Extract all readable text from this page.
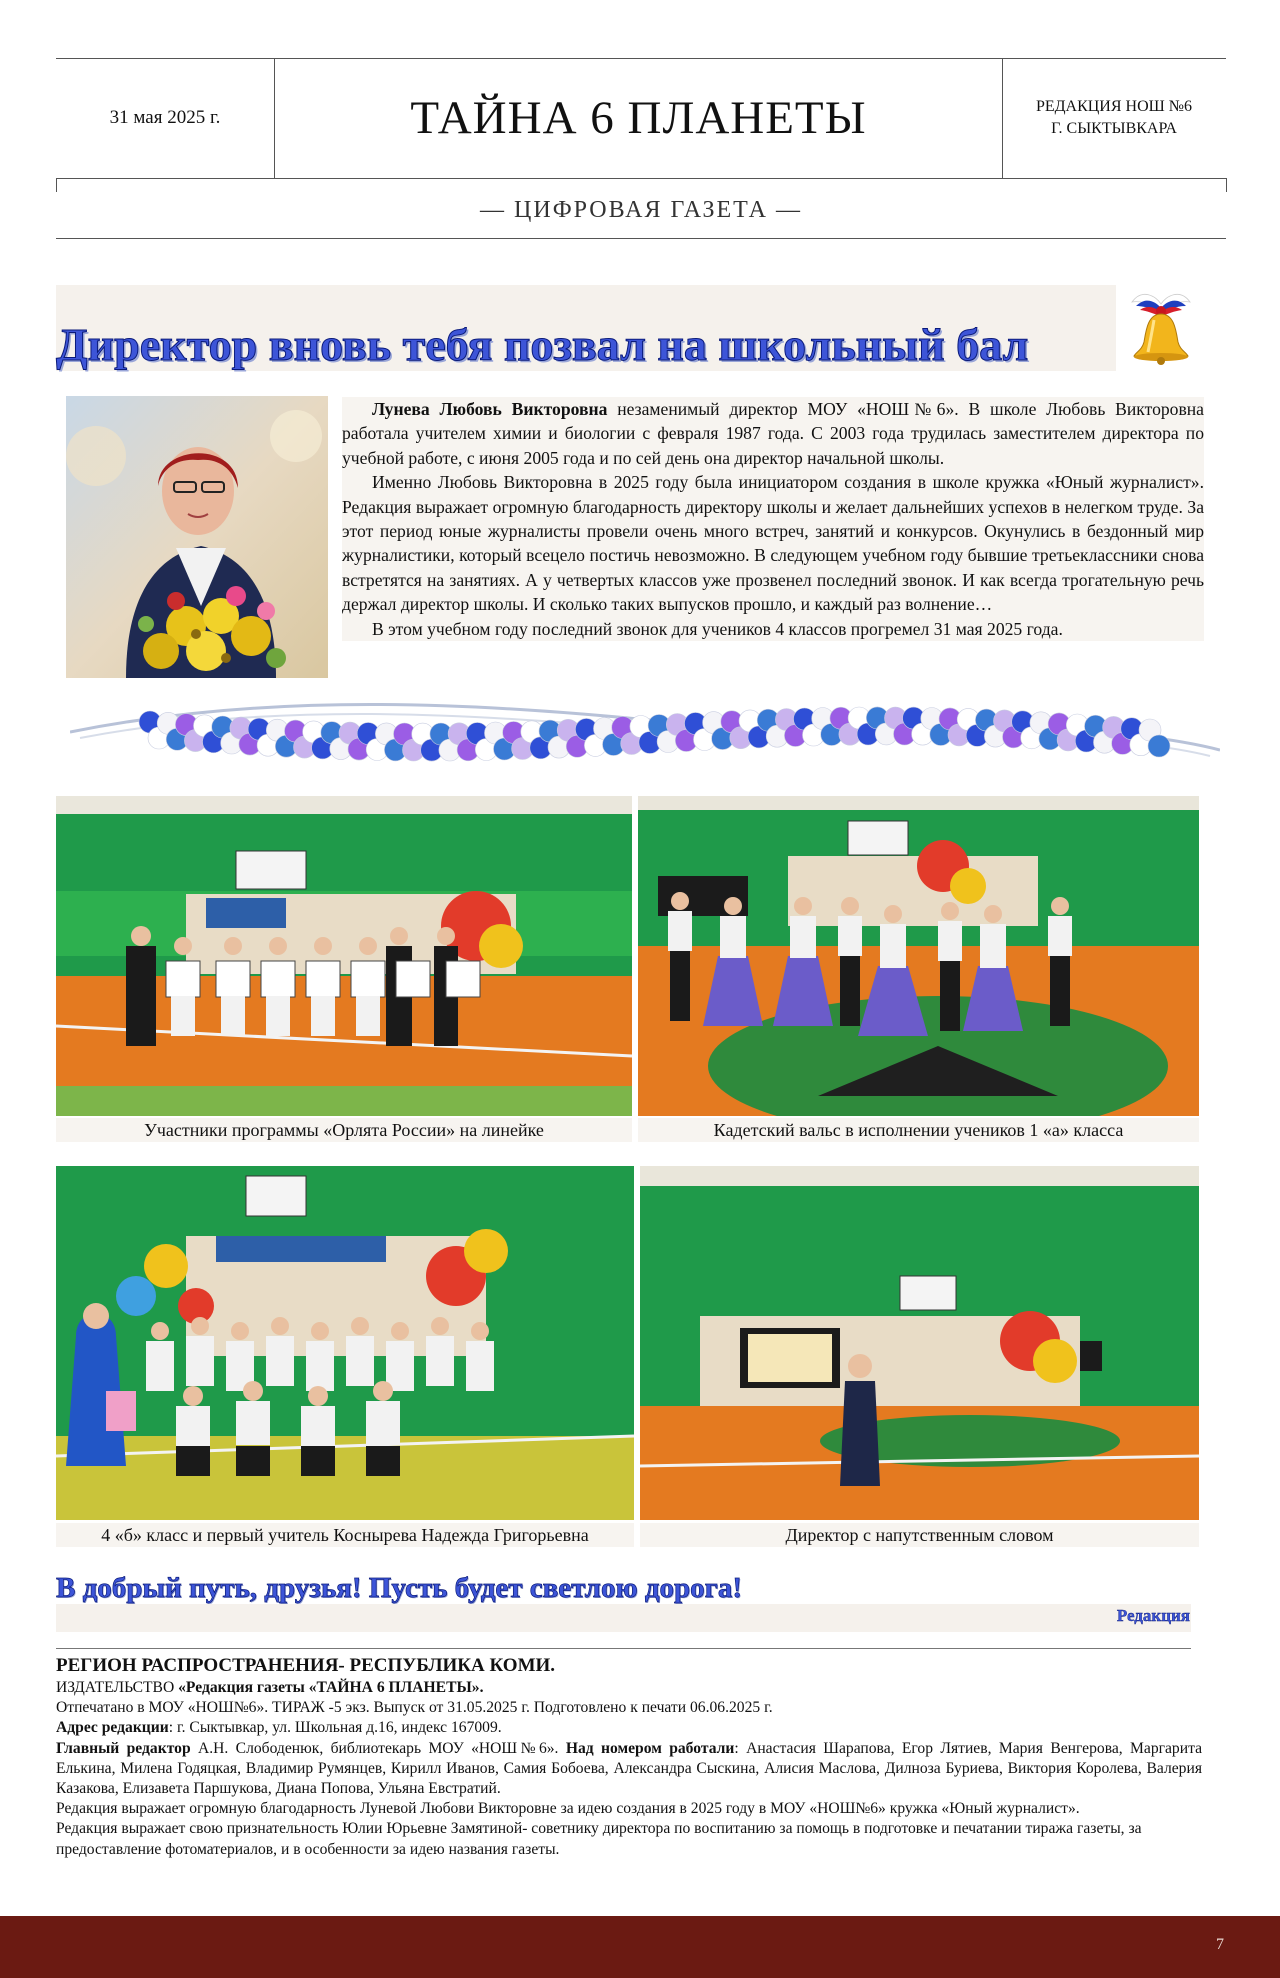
31 мая 2025 г.	ТАЙНА 6 ПЛАНЕТЫ	РЕДАКЦИЯ НОШ №6
Г. СЫКТЫВКАРА
— ЦИФРОВАЯ ГАЗЕТА —
Директор вновь тебя позвал на школьный бал

Лунева Любовь Викторовна незаменимый директор МОУ «НОШ№6». В школе Любовь Викторовна работала учителем химии и биологии с февраля 1987 года. С 2003 года трудилась заместителем директора по учебной работе, с июня 2005 года и по сей день она директор начальной школы.

Именно Любовь Викторовна в 2025 году была инициатором создания в школе кружка «Юный журналист». Редакция выражает огромную благодарность директору школы и желает дальнейших успехов в нелегком труде. За этот период юные журналисты провели очень много встреч, занятий и конкурсов. Окунулись в бездонный мир журналистики, который всецело постичь невозможно. В следующем учебном году бывшие третьеклассники снова встретятся на занятиях. А у четвертых классов уже прозвенел последний звонок. И как всегда трогательную речь держал директор школы. И сколько таких выпусков прошло, и каждый раз волнение…

В этом учебном году последний звонок для учеников 4 классов прогремел 31 мая 2025 года.

Участники программы «Орлята России» на линейке	Кадетский вальс в исполнении учеников 1 «а» класса
4 «б» класс и первый учитель Коснырева Надежда Григорьевна	Директор с напутственным словом
В добрый путь, друзья! Пусть будет светлою дорога!
Редакция
РЕГИОН РАСПРОСТРАНЕНИЯ- РЕСПУБЛИКА КОМИ.
ИЗДАТЕЛЬСТВО «Редакция газеты «ТАЙНА 6 ПЛАНЕТЫ».
Отпечатано в МОУ «НОШ№6». ТИРАЖ -5 экз. Выпуск от 31.05.2025 г. Подготовлено к печати 06.06.2025 г.
Адрес редакции: г. Сыктывкар, ул. Школьная д.16, индекс 167009.
Главный редактор А.Н. Слободенюк, библиотекарь МОУ «НОШ№6». Над номером работали: Анастасия Шарапова, Егор Лятиев, Мария Венгерова, Маргарита Елькина, Милена Годяцкая, Владимир Румянцев, Кирилл Иванов, Самия Бобоева, Александра Сыскина, Алисия Маслова, Дилноза Буриева, Виктория Королева, Валерия Казакова, Елизавета Паршукова, Диана Попова, Ульяна Евстратий.
Редакция выражает огромную благодарность Луневой Любови Викторовне за идею создания в 2025 году в МОУ «НОШ№6» кружка «Юный журналист».
Редакция выражает свою признательность Юлии Юрьевне Замятиной- советнику директора по воспитанию за помощь в подготовке и печатании тиража газеты, за предоставление фотоматериалов, и в особенности за идею названия газеты.
7
